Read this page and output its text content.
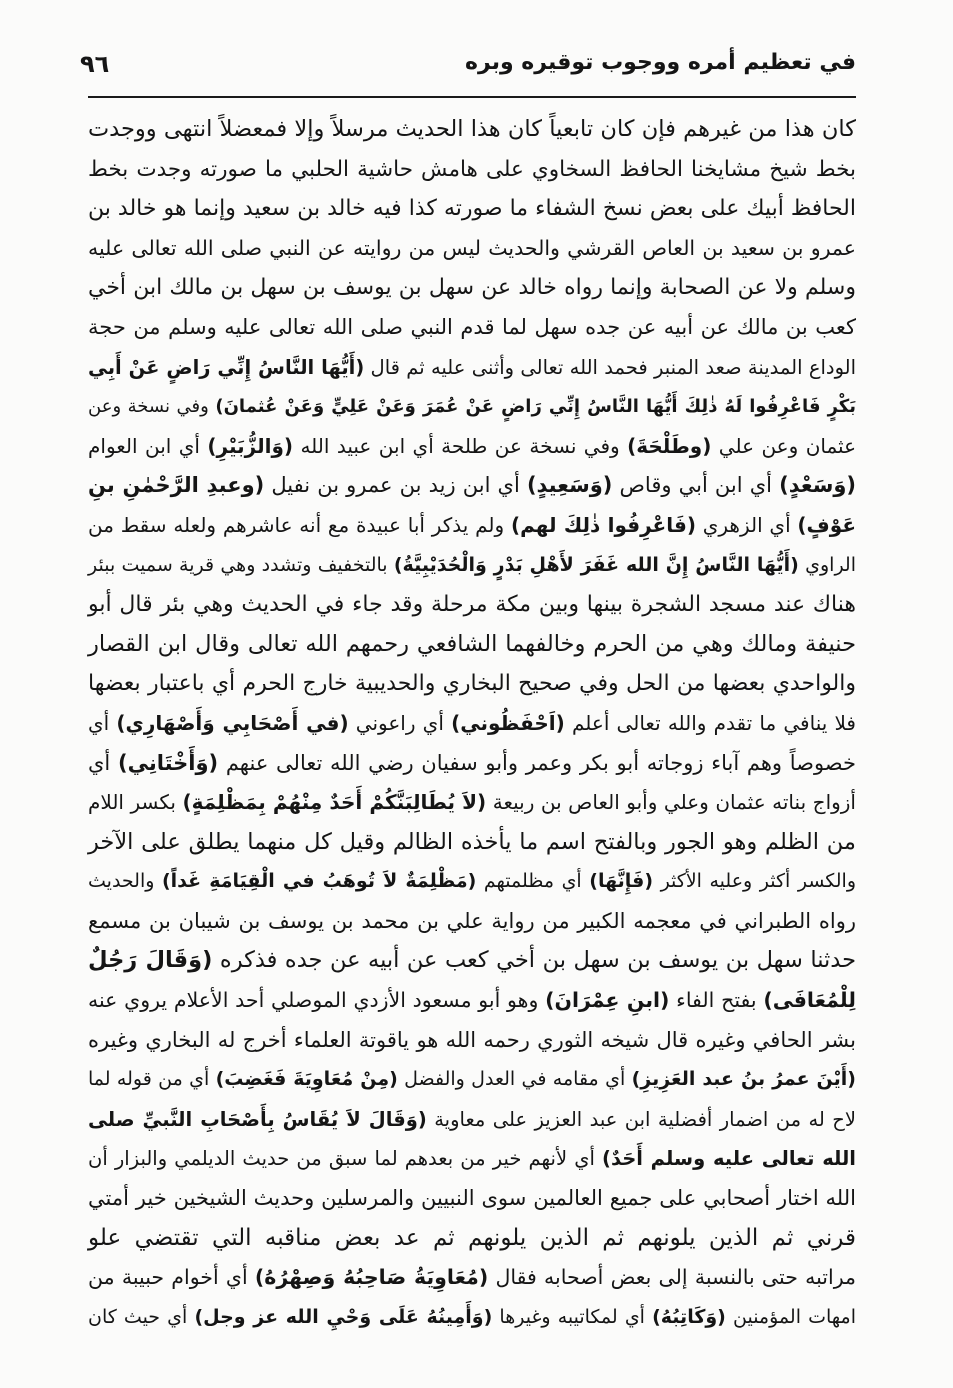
في تعظيم أمره ووجوب توقيره وبره
٩٦
كان هذا من غيرهم فإن كان تابعياً كان هذا الحديث مرسلاً وإلا فمعضلاً انتهى ووجدت
بخط شيخ مشايخنا الحافظ السخاوي على هامش حاشية الحلبي ما صورته وجدت بخط
الحافظ أبيك على بعض نسخ الشفاء ما صورته كذا فيه خالد بن سعيد وإنما هو خالد بن
عمرو بن سعيد بن العاص القرشي والحديث ليس من روايته عن النبي صلى الله تعالى عليه
وسلم ولا عن الصحابة وإنما رواه خالد عن سهل بن يوسف بن سهل بن مالك ابن أخي
كعب بن مالك عن أبيه عن جده سهل لما قدم النبي صلى الله تعالى عليه وسلم من حجة
الوداع المدينة صعد المنبر فحمد الله تعالى وأثنى عليه ثم قال (أَيُّهَا النَّاسُ إِنِّي رَاضٍ عَنْ أَبِي
بَكْرٍ فَاعْرِفُوا لَهُ ذٰلِكَ أَيُّهَا النَّاسُ إِنِّي رَاضٍ عَنْ عُمَرَ وَعَنْ عَلِيٍّ وَعَنْ عُثمانَ) وفي نسخة وعن
عثمان وعن علي (وطَلْحَةَ) وفي نسخة عن طلحة أي ابن عبيد الله (وَالزُّبَيْرِ) أي ابن العوام
(وَسَعْدٍ) أي ابن أبي وقاص (وَسَعِيدٍ) أي ابن زيد بن عمرو بن نفيل (وعبدِ الرَّحْمٰنِ بنِ
عَوْفٍ) أي الزهري (فَاعْرِفُوا ذٰلِكَ لهم) ولم يذكر أبا عبيدة مع أنه عاشرهم ولعله سقط من
الراوي (أَيُّهَا النَّاسُ إِنَّ الله غَفَرَ لأَهْلِ بَدْرٍ وَالْحُدَيْبِيَّةُ) بالتخفيف وتشدد وهي قرية سميت ببئر
هناك عند مسجد الشجرة بينها وبين مكة مرحلة وقد جاء في الحديث وهي بئر قال أبو
حنيفة ومالك وهي من الحرم وخالفهما الشافعي رحمهم الله تعالى وقال ابن القصار
والواحدي بعضها من الحل وفي صحيح البخاري والحديبية خارج الحرم أي باعتبار بعضها
فلا ينافي ما تقدم والله تعالى أعلم (اَحْفَظُوني) أي راعوني (في أَصْحَابِي وَأَصْهَارِي) أي
خصوصاً وهم آباء زوجاته أبو بكر وعمر وأبو سفيان رضي الله تعالى عنهم (وَأَخْتَانِي) أي
أزواج بناته عثمان وعلي وأبو العاص بن ربيعة (لاَ يُطَالِبَنَّكُمْ أَحَدٌ مِنْهُمْ بِمَظْلِمَةٍ) بكسر اللام
من الظلم وهو الجور وبالفتح اسم ما يأخذه الظالم وقيل كل منهما يطلق على الآخر
والكسر أكثر وعليه الأكثر (فَإِنَّهَا) أي مظلمتهم (مَظْلِمَةٌ لاَ تُوهَبُ في الْقِيَامَةِ غَداً) والحديث
رواه الطبراني في معجمه الكبير من رواية علي بن محمد بن يوسف بن شيبان بن مسمع
حدثنا سهل بن يوسف بن سهل بن أخي كعب عن أبيه عن جده فذكره (وَقَالَ رَجُلٌ
لِلْمُعَافَى) بفتح الفاء (ابنِ عِمْرَانَ) وهو أبو مسعود الأزدي الموصلي أحد الأعلام يروي عنه
بشر الحافي وغيره قال شيخه الثوري رحمه الله هو ياقوتة العلماء أخرج له البخاري وغيره
(أَيْنَ عمرُ بنُ عبد العَزِيزِ) أي مقامه في العدل والفضل (مِنْ مُعَاوِيَةَ فَغَضِبَ) أي من قوله لما
لاح له من اضمار أفضلية ابن عبد العزيز على معاوية (وَقَالَ لاَ يُقَاسُ بِأَصْحَابِ النَّبيِّ صلى
الله تعالى عليه وسلم أَحَدٌ) أي لأنهم خير من بعدهم لما سبق من حديث الديلمي والبزار أن
الله اختار أصحابي على جميع العالمين سوى النبيين والمرسلين وحديث الشيخين خير أمتي
قرني ثم الذين يلونهم ثم الذين يلونهم ثم عد بعض مناقبه التي تقتضي علو
مراتبه حتى بالنسبة إلى بعض أصحابه فقال (مُعَاوِيَةُ صَاحِبُهُ وَصِهْرُهُ) أي أخوام حبيبة من
امهات المؤمنين (وَكَاتِبُهُ) أي لمكاتيبه وغيرها (وَأَمِينُهُ عَلَى وَحْيِ الله عز وجل) أي حيث كان
